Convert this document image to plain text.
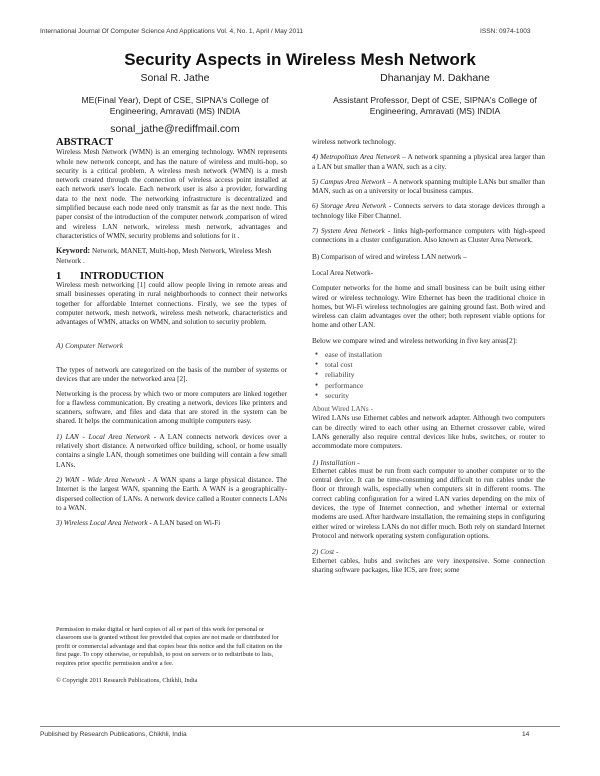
International Journal Of Computer Science And Applications Vol. 4, No. 1, April / May 2011	ISSN: 0974-1003
Security Aspects in Wireless Mesh Network
Sonal R. Jathe
ME(Final Year), Dept of CSE, SIPNA's College of
Engineering, Amravati (MS) INDIA
sonal_jathe@rediffmail.com
Dhananjay M. Dakhane
Assistant Professor, Dept of CSE, SIPNA's College of
Engineering, Amravati (MS) INDIA
ABSTRACT

Wireless Mesh Network (WMN) is an emerging technology. WMN represents whole new network concept, and has the nature of wireless and multi-hop, so security is a critical problem. A wireless mesh network (WMN) is a mesh network created through the connection of wireless access point installed at each network user's locale. Each network user is also a provider, forwarding data to the next node. The networking infrastructure is decentralized and simplified because each node need only transmit as far as the next node. This paper consist of the introduction of the computer network ,comparison of wired and wireless LAN network, wireless mesh network, advantages and characteristics of WMN, security problems and solutions for it .

Keyword: Network, MANET, Multi-hop, Mesh Network, Wireless Mesh Network .

1 INTRODUCTION

Wireless mesh networking [1] could allow people living in remote areas and small businesses operating in rural neighborhoods to connect their networks together for affordable Internet connections. Firstly, we see the types of computer network, mesh network, wireless mesh network, characteristics and advantages of WMN, attacks on WMN, and solution to security problem.

A) Computer Network

The types of network are categorized on the basis of the number of systems or devices that are under the networked area [2].

Networking is the process by which two or more computers are linked together for a flawless communication. By creating a network, devices like printers and scanners, software, and files and data that are stored in the system can be shared. It helps the communication among multiple computers easy.

1) LAN - Local Area Network - A LAN connects network devices over a relatively short distance. A networked office building, school, or home usually contains a single LAN, though sometimes one building will contain a few small LANs.

2) WAN - Wide Area Network - A WAN spans a large physical distance. The Internet is the largest WAN, spanning the Earth. A WAN is a geographically-dispersed collection of LANs. A network device called a Router connects LANs to a WAN.

3) Wireless Local Area Network - A LAN based on Wi-Fi

Permission to make digital or hard copies of all or part of this work for personal or classroom use is granted without fee provided that copies are not made or distributed for profit or commercial advantage and that copies bear this notice and the full citation on the first page. To copy otherwise, or republish, to post on servers or to redistribute to lists, requires prior specific permission and/or a fee.

© Copyright 2011 Research Publications, Chikhli, India

wireless network technology.

4) Metropolitan Area Network – A network spanning a physical area larger than a LAN but smaller than a WAN, such as a city.

5) Campus Area Network – A network spanning multiple LANs but smaller than MAN, such as on a university or local business campus.

6) Storage Area Network - Connects servers to data storage devices through a technology like Fiber Channel.

7) System Area Network - links high-performance computers with high-speed connections in a cluster configuration. Also known as Cluster Area Network.

B) Comparison of wired and wireless LAN network –

Local Area Network-

Computer networks for the home and small business can be built using either wired or wireless technology. Wire Ethernet has been the traditional choice in homes, but Wi-Fi wireless technologies are gaining ground fast. Both wired and wireless can claim advantages over the other; both represent viable options for home and other LAN.

Below we compare wired and wireless networking in five key areas[2]:

● ease of installation
● total cost
● reliability
● performance
● security

About Wired LANs -

Wired LANs use Ethernet cables and network adapter. Although two computers can be directly wired to each other using an Ethernet crossover cable, wired LANs generally also require central devices like hubs, switches, or router to accommodate more computers.

1) Installation -

Ethernet cables must be run from each computer to another computer or to the central device. It can be time-consuming and difficult to run cables under the floor or through walls, especially when computers sit in different rooms. The correct cabling configuration for a wired LAN varies depending on the mix of devices, the type of Internet connection, and whether internal or external modems are used. After hardware installation, the remaining steps in configuring either wired or wireless LANs do not differ much. Both rely on standard Internet Protocol and network operating system configuration options.

2) Cost -

Ethernet cables, hubs and switches are very inexpensive. Some connection sharing software packages, like ICS, are free; some

Published by Research Publications, Chikhli, India	14
